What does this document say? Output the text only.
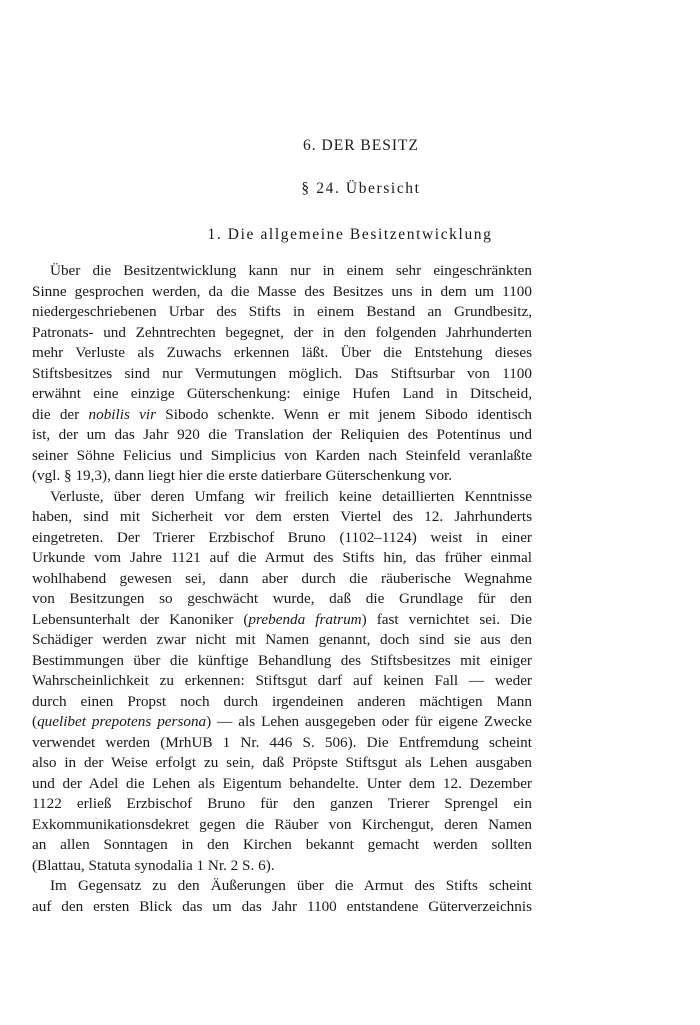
6. DER BESITZ
§ 24. Übersicht
1. Die allgemeine Besitzentwicklung
Über die Besitzentwicklung kann nur in einem sehr eingeschränkten
Sinne gesprochen werden, da die Masse des Besitzes uns in dem um 1100
niedergeschriebenen Urbar des Stifts in einem Bestand an Grundbesitz,
Patronats- und Zehntrechten begegnet, der in den folgenden Jahrhunderten
mehr Verluste als Zuwachs erkennen läßt. Über die Entstehung dieses
Stiftsbesitzes sind nur Vermutungen möglich. Das Stiftsurbar von 1100
erwähnt eine einzige Güterschenkung: einige Hufen Land in Ditscheid,
die der nobilis vir Sibodo schenkte. Wenn er mit jenem Sibodo identisch
ist, der um das Jahr 920 die Translation der Reliquien des Potentinus und
seiner Söhne Felicius und Simplicius von Karden nach Steinfeld veranlaßte
(vgl. § 19,3), dann liegt hier die erste datierbare Güterschenkung vor.
Verluste, über deren Umfang wir freilich keine detaillierten Kenntnisse
haben, sind mit Sicherheit vor dem ersten Viertel des 12. Jahrhunderts
eingetreten. Der Trierer Erzbischof Bruno (1102–1124) weist in einer
Urkunde vom Jahre 1121 auf die Armut des Stifts hin, das früher einmal
wohlhabend gewesen sei, dann aber durch die räuberische Wegnahme
von Besitzungen so geschwächt wurde, daß die Grundlage für den
Lebensunterhalt der Kanoniker (prebenda fratrum) fast vernichtet sei. Die
Schädiger werden zwar nicht mit Namen genannt, doch sind sie aus den
Bestimmungen über die künftige Behandlung des Stiftsbesitzes mit einiger
Wahrscheinlichkeit zu erkennen: Stiftsgut darf auf keinen Fall — weder
durch einen Propst noch durch irgendeinen anderen mächtigen Mann
(quelibet prepotens persona) — als Lehen ausgegeben oder für eigene Zwecke
verwendet werden (MrhUB 1 Nr. 446 S. 506). Die Entfremdung scheint
also in der Weise erfolgt zu sein, daß Pröpste Stiftsgut als Lehen ausgaben
und der Adel die Lehen als Eigentum behandelte. Unter dem 12. Dezember
1122 erließ Erzbischof Bruno für den ganzen Trierer Sprengel ein
Exkommunikationsdekret gegen die Räuber von Kirchengut, deren Namen
an allen Sonntagen in den Kirchen bekannt gemacht werden sollten
(Blattau, Statuta synodalia 1 Nr. 2 S. 6).
Im Gegensatz zu den Äußerungen über die Armut des Stifts scheint
auf den ersten Blick das um das Jahr 1100 entstandene Güterverzeichnis
